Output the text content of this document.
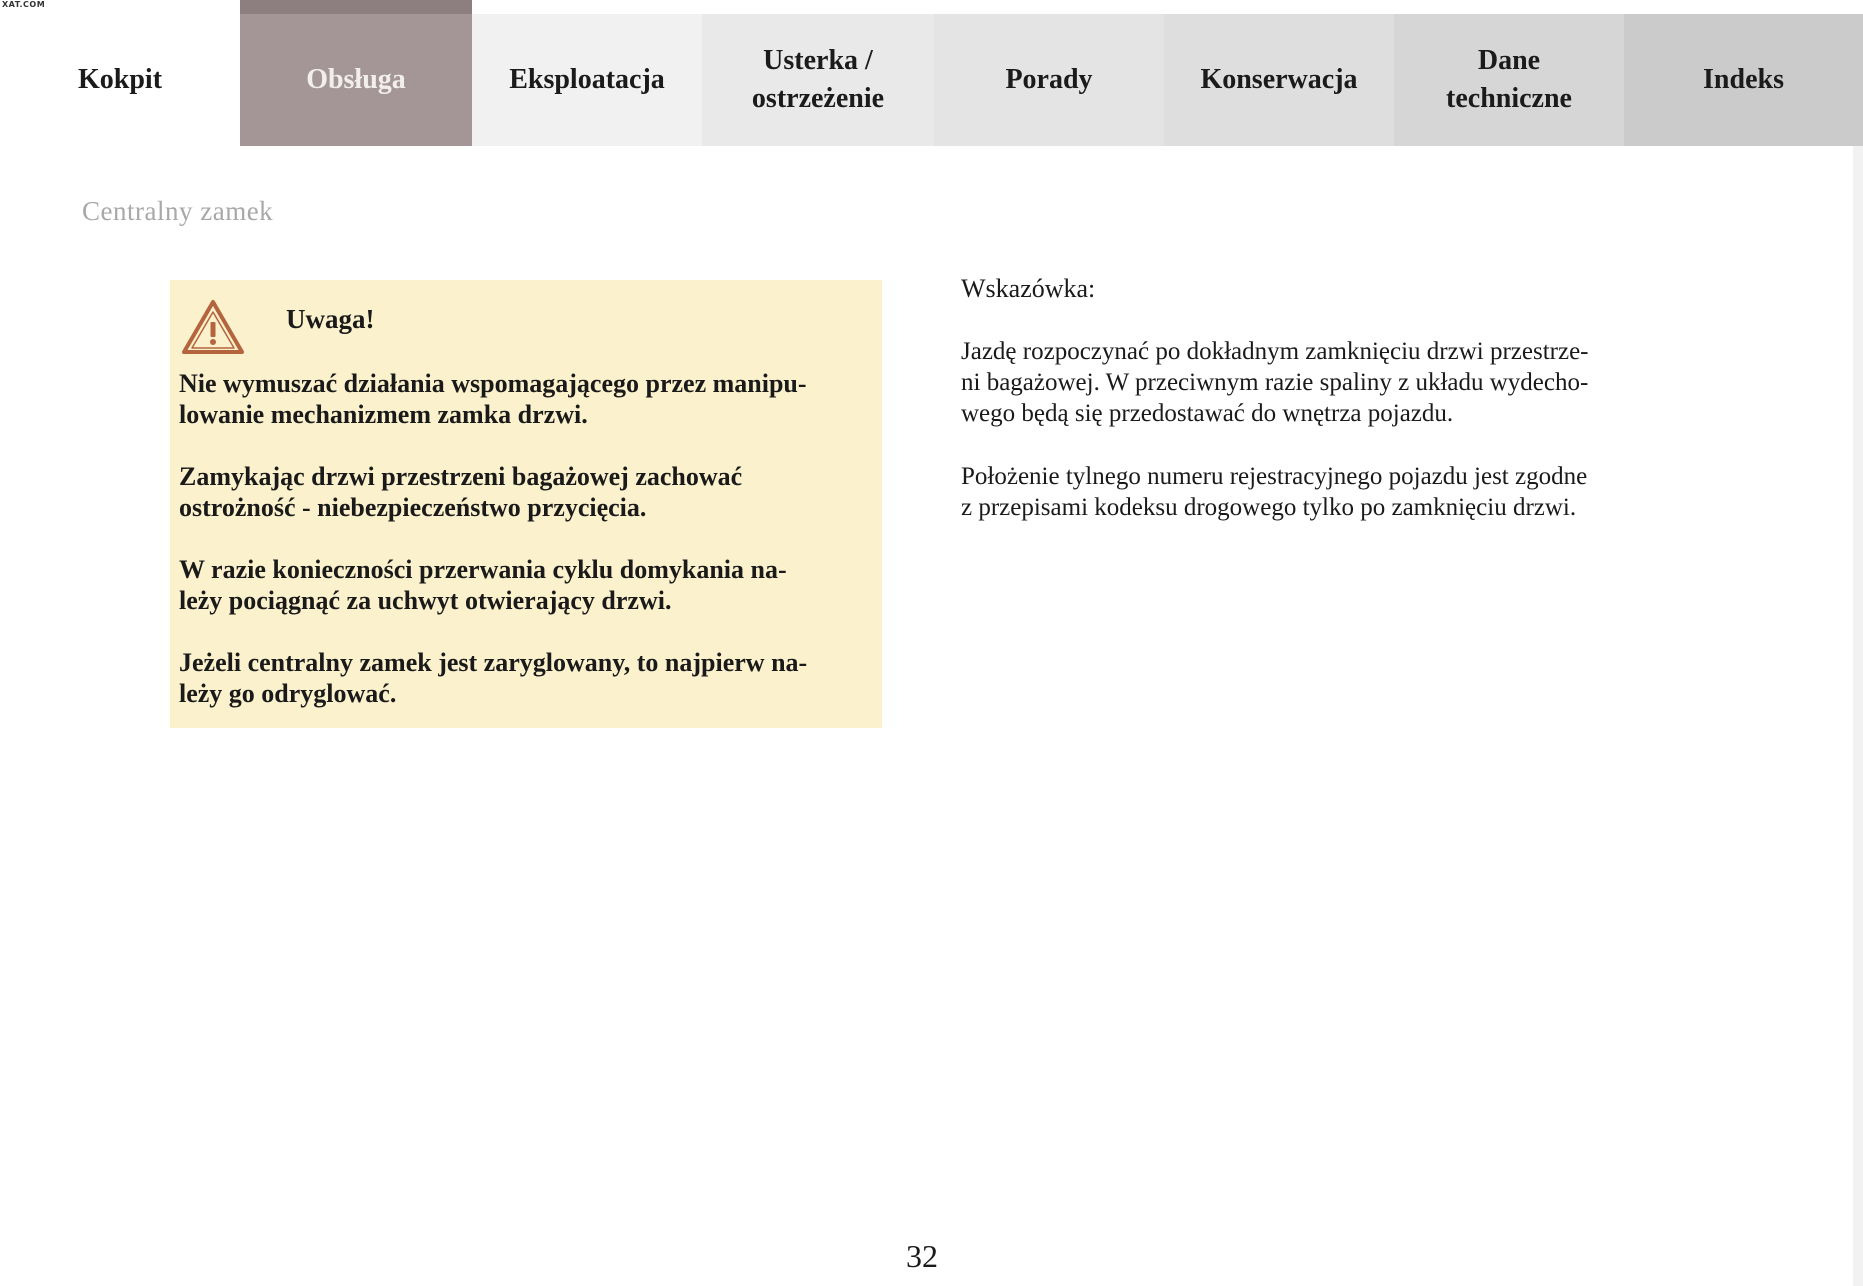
XAT.COM
Kokpit	Obsługa	Eksploatacja
Usterka /
ostrzeżenie
Porady	Konserwacja
Dane
techniczne
Indeks
Centralny zamek
Uwaga!

Nie wymuszać działania wspomagającego przez manipu-
lowanie mechanizmem zamka drzwi.

Zamykając drzwi przestrzeni bagażowej zachować
ostrożność - niebezpieczeństwo przycięcia.

W razie konieczności przerwania cyklu domykania na-
leży pociągnąć za uchwyt otwierający drzwi.

Jeżeli centralny zamek jest zaryglowany, to najpierw na-
leży go odryglować.

Wskazówka:

Jazdę rozpoczynać po dokładnym zamknięciu drzwi przestrze-
ni bagażowej. W przeciwnym razie spaliny z układu wydecho-
wego będą się przedostawać do wnętrza pojazdu.

Położenie tylnego numeru rejestracyjnego pojazdu jest zgodne
z przepisami kodeksu drogowego tylko po zamknięciu drzwi.

32
